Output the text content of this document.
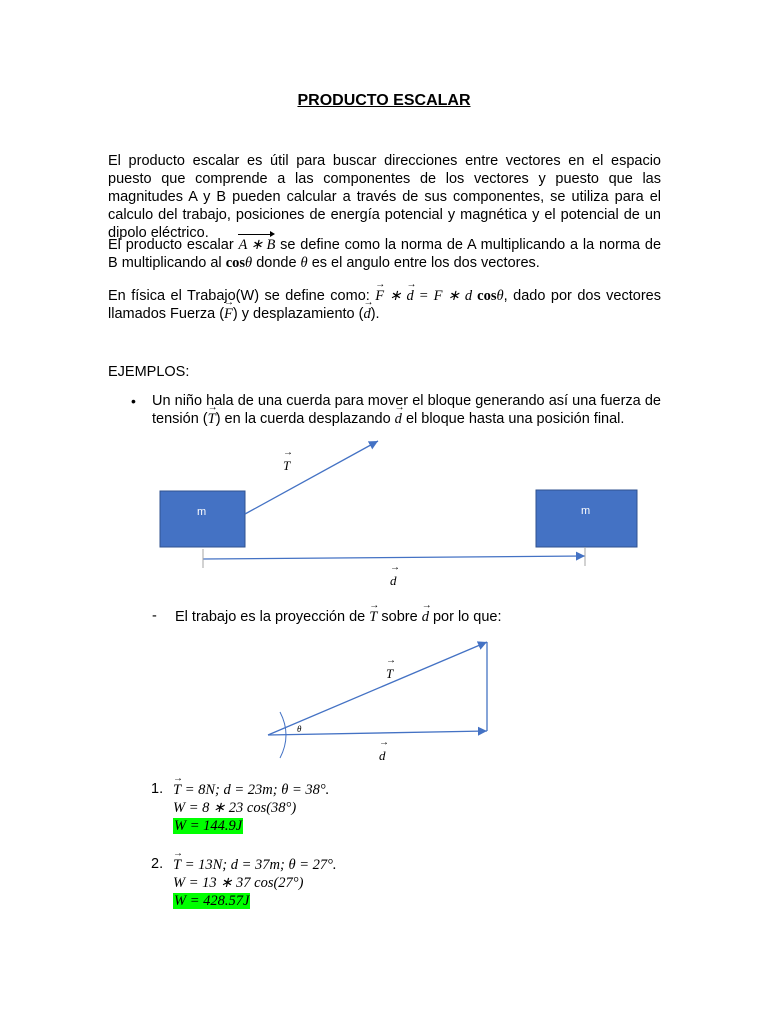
PRODUCTO ESCALAR

El producto escalar es útil para buscar direcciones entre vectores en el espacio puesto que comprende a las componentes de los vectores y puesto que las magnitudes A y B pueden calcular a través de sus componentes, se utiliza para el calculo del trabajo, posiciones de energía potencial y magnética y el potencial de un dipolo eléctrico.

El producto escalar A ∗ B se define como la norma de A multiplicando a la norma de B multiplicando al cosθ donde θ es el angulo entre los dos vectores.

En física el Trabajo(W) se define como: F → ∗ d → = F ∗ d cosθ, dado por dos vectores llamados Fuerza (F →) y desplazamiento (d →).

EJEMPLOS:
• Un niño hala de una cuerda para mover el bloque generando así una fuerza de tensión (T →) en la cuerda desplazando d → el bloque hasta una posición final.

m	m
T →
d →
- El trabajo es la proyección de T → sobre d → por lo que:

T →
d →
θ
1. T → = 8N; d = 23m; θ = 38°.
W = 8 ∗ 23 cos(38°)
W = 144.9J
2. T → = 13N; d = 37m; θ = 27°.
W = 13 ∗ 37 cos(27°)
W = 428.57J
